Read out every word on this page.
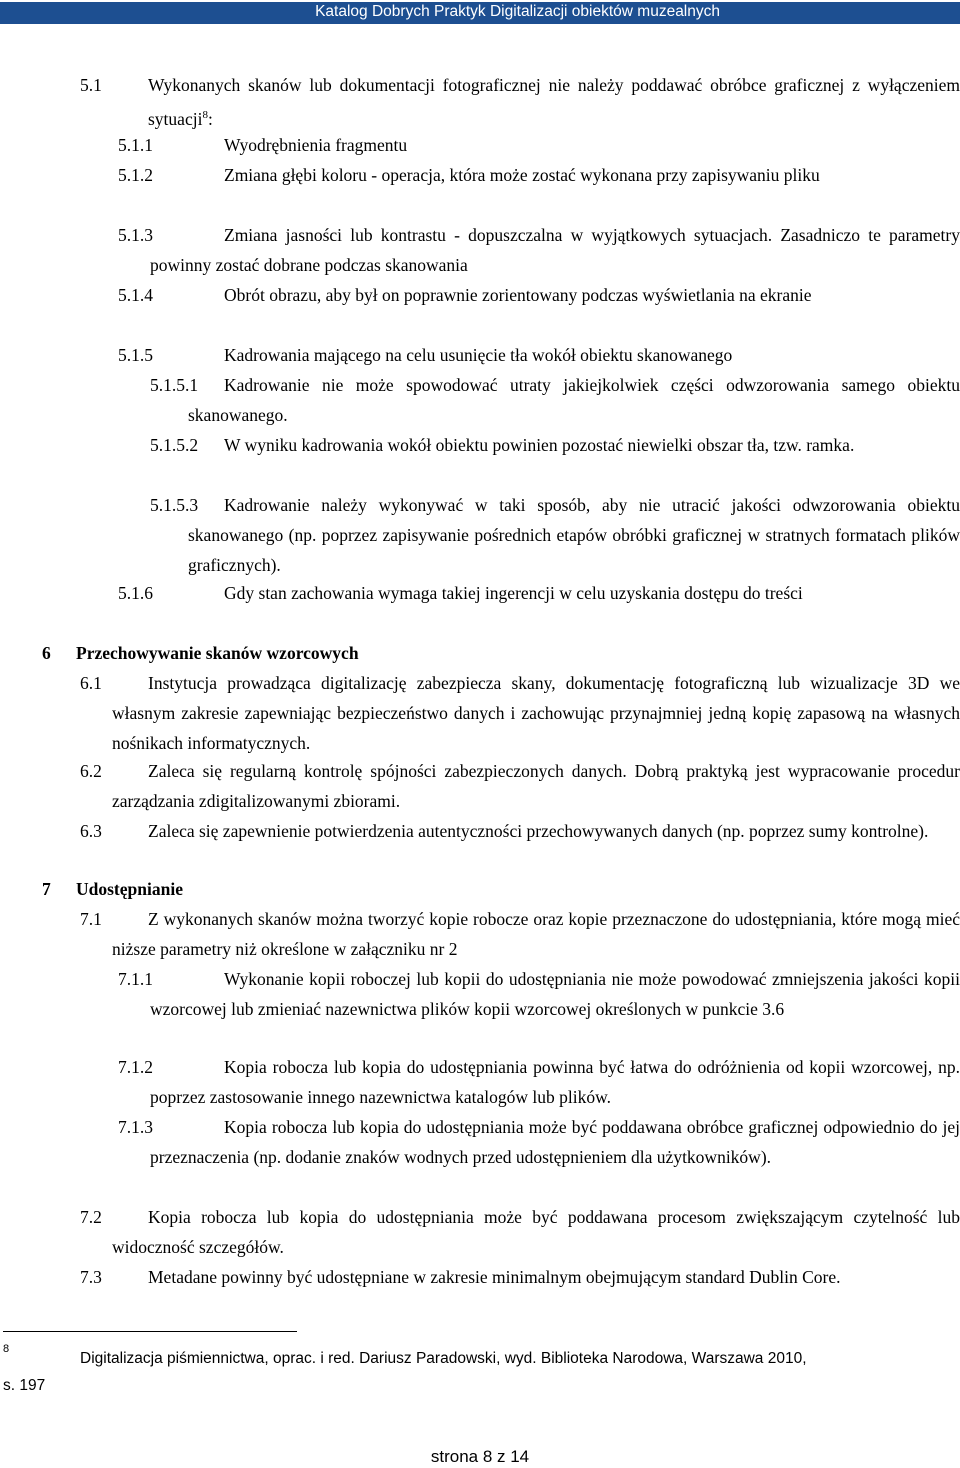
Katalog Dobrych Praktyk Digitalizacji obiektów muzealnych
5.1	Wykonanych skanów lub dokumentacji fotograficznej nie należy poddawać obróbce graficznej z wyłączeniem sytuacji$^8$:
5.1.1	Wyodrębnienia fragmentu
5.1.2	Zmiana głębi koloru - operacja, która może zostać wykonana przy zapisywaniu pliku
5.1.3	Zmiana jasności lub kontrastu - dopuszczalna w wyjątkowych sytuacjach. Zasadniczo te parametry powinny zostać dobrane podczas skanowania
5.1.4	Obrót obrazu, aby był on poprawnie zorientowany podczas wyświetlania na ekranie
5.1.5	Kadrowania mającego na celu usunięcie tła wokół obiektu skanowanego
5.1.5.1	Kadrowanie nie może spowodować utraty jakiejkolwiek części odwzorowania samego obiektu skanowanego.
5.1.5.2	W wyniku kadrowania wokół obiektu powinien pozostać niewielki obszar tła, tzw. ramka.
5.1.5.3	Kadrowanie należy wykonywać w taki sposób, aby nie utracić jakości odwzorowania obiektu skanowanego (np. poprzez zapisywanie pośrednich etapów obróbki graficznej w stratnych formatach plików graficznych).
5.1.6	Gdy stan zachowania wymaga takiej ingerencji w celu uzyskania dostępu do treści
6	Przechowywanie skanów wzorcowych
6.1	Instytucja prowadząca digitalizację zabezpiecza skany, dokumentację fotograficzną lub wizualizacje 3D we własnym zakresie zapewniając bezpieczeństwo danych i zachowując przynajmniej jedną kopię zapasową na własnych nośnikach informatycznych.
6.2	Zaleca się regularną kontrolę spójności zabezpieczonych danych. Dobrą praktyką jest wypracowanie procedur zarządzania zdigitalizowanymi zbiorami.
6.3	Zaleca się zapewnienie potwierdzenia autentyczności przechowywanych danych (np. poprzez sumy kontrolne).
7	Udostępnianie
7.1	Z wykonanych skanów można tworzyć kopie robocze oraz kopie przeznaczone do udostępniania, które mogą mieć niższe parametry niż określone w załączniku nr 2
7.1.1	Wykonanie kopii roboczej lub kopii do udostępniania nie może powodować zmniejszenia jakości kopii wzorcowej lub zmieniać nazewnictwa plików kopii wzorcowej określonych w punkcie 3.6
7.1.2	Kopia robocza lub kopia do udostępniania powinna być łatwa do odróżnienia od kopii wzorcowej, np. poprzez zastosowanie innego nazewnictwa katalogów lub plików.
7.1.3	Kopia robocza lub kopia do udostępniania może być poddawana obróbce graficznej odpowiednio do jej przeznaczenia (np. dodanie znaków wodnych przed udostępnieniem dla użytkowników).
7.2	Kopia robocza lub kopia do udostępniania może być poddawana procesom zwiększającym czytelność lub widoczność szczegółów.
7.3	Metadane powinny być udostępniane w zakresie minimalnym obejmującym standard Dublin Core.
8
Digitalizacja piśmiennictwa, oprac. i red. Dariusz Paradowski, wyd. Biblioteka Narodowa, Warszawa 2010,
s. 197
strona 8 z 14
